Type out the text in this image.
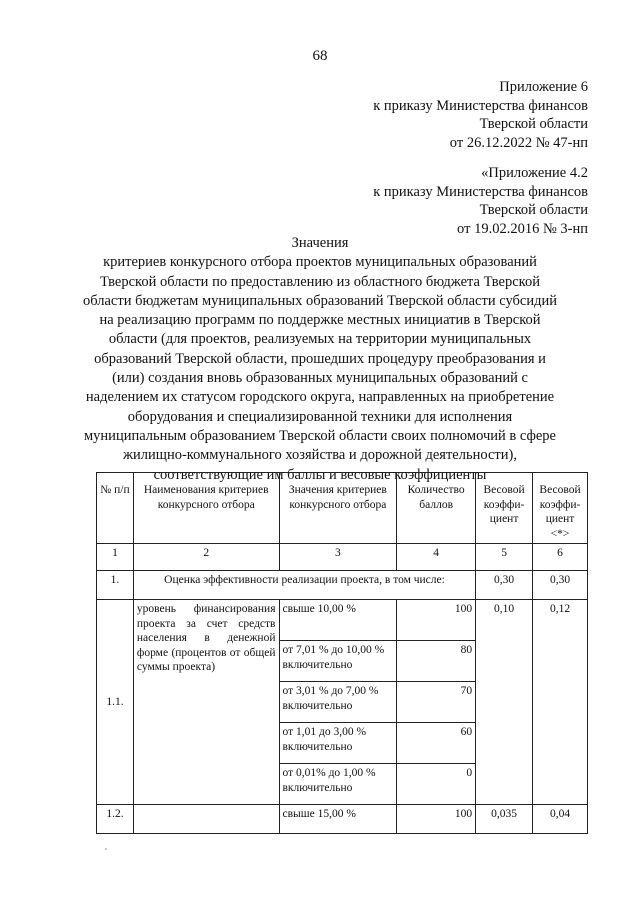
68
Приложение 6
к приказу Министерства финансов
Тверской области
от 26.12.2022 № 47-нп
«Приложение 4.2
к приказу Министерства финансов
Тверской области
от 19.02.2016 № 3-нп
Значения
критериев конкурсного отбора проектов муниципальных образований
Тверской области по предоставлению из областного бюджета Тверской
области бюджетам муниципальных образований Тверской области субсидий
на реализацию программ по поддержке местных инициатив в Тверской
области (для проектов, реализуемых на территории муниципальных
образований Тверской области, прошедших процедуру преобразования и
(или) создания вновь образованных муниципальных образований с
наделением их статусом городского округа, направленных на приобретение
оборудования и специализированной техники для исполнения
муниципальным образованием Тверской области своих полномочий в сфере
жилищно-коммунального хозяйства и дорожной деятельности),
соответствующие им баллы и весовые коэффициенты
№ п/п	Наименования критериев конкурсного отбора	Значения критериев конкурсного отбора	Количество баллов	Весовой коэффи-циент	Весовой коэффи-циент <*>
1	2	3	4	5	6
1.	Оценка эффективности реализации проекта, в том числе:			0,30	0,30
1.1.	уровень финансирования проекта за счет средств населения в денежной форме (процентов от общей суммы проекта)	свыше 10,00 %	100	0,10	0,12
		от 7,01 % до 10,00 % включительно	80		
		от 3,01 % до 7,00 % включительно	70		
		от 1,01 до 3,00 % включительно	60		
		от 0,01% до 1,00 % включительно	0		
1.2.		свыше 15,00 %	100	0,035	0,04
